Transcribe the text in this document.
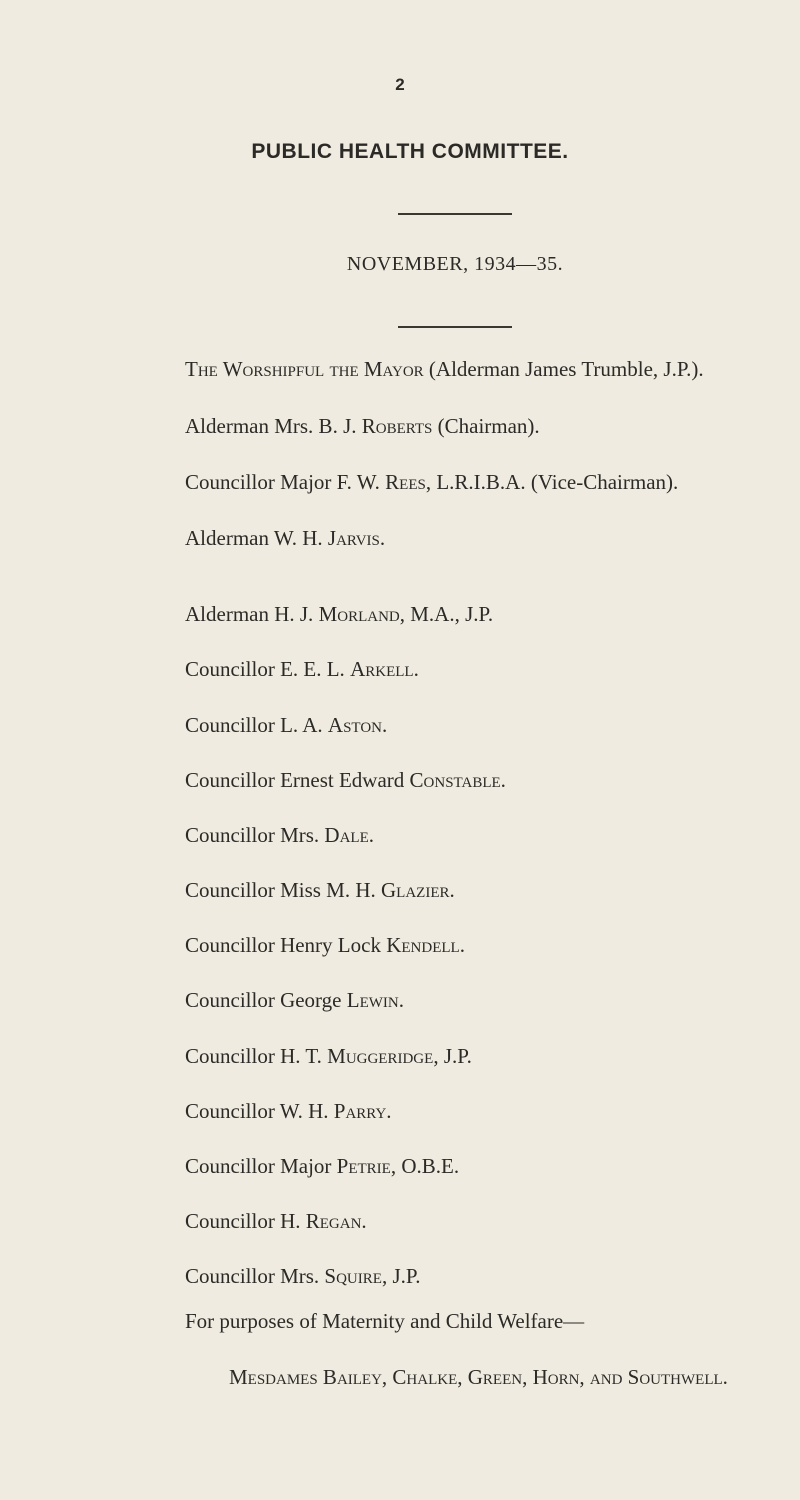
2
PUBLIC HEALTH COMMITTEE.
NOVEMBER, 1934—35.
The Worshipful the Mayor (Alderman James Trumble, J.P.).
Alderman Mrs. B. J. Roberts (Chairman).
Councillor Major F. W. Rees, L.R.I.B.A. (Vice-Chairman).
Alderman W. H. Jarvis.
Alderman H. J. Morland, M.A., J.P.
Councillor E. E. L. Arkell.
Councillor L. A. Aston.
Councillor Ernest Edward Constable.
Councillor Mrs. Dale.
Councillor Miss M. H. Glazier.
Councillor Henry Lock Kendell.
Councillor George Lewin.
Councillor H. T. Muggeridge, J.P.
Councillor W. H. Parry.
Councillor Major Petrie, O.B.E.
Councillor H. Regan.
Councillor Mrs. Squire, J.P.
For purposes of Maternity and Child Welfare—
Mesdames Bailey, Chalke, Green, Horn, and Southwell.
